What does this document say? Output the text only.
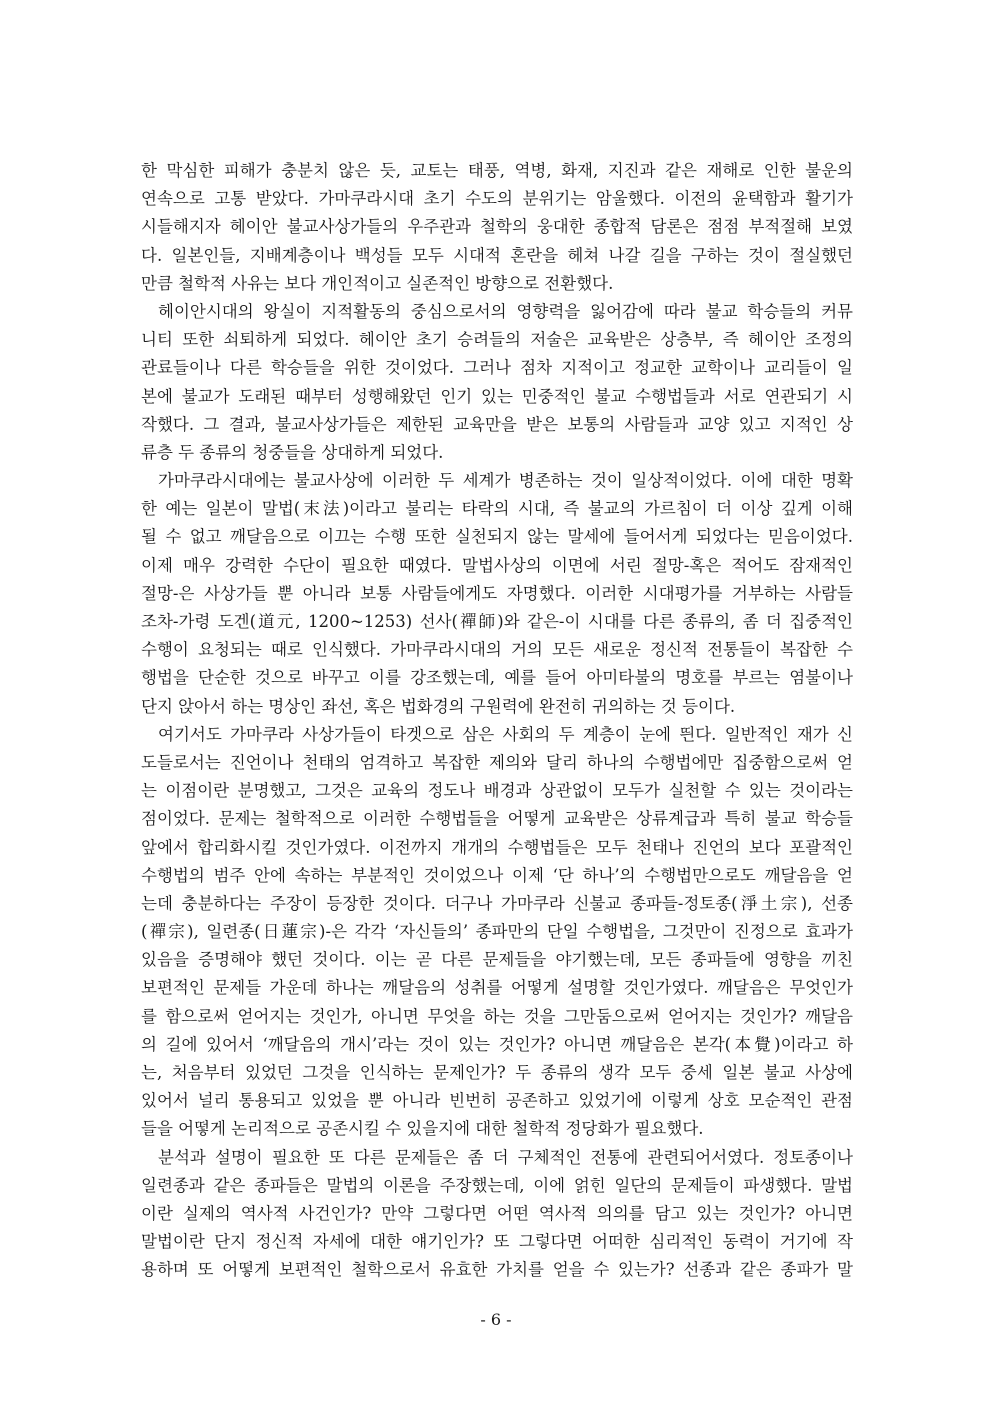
한 막심한 피해가 충분치 않은 듯, 교토는 태풍, 역병, 화재, 지진과 같은 재해로 인한 불운의
연속으로 고통 받았다. 가마쿠라시대 초기 수도의 분위기는 암울했다. 이전의 윤택함과 활기가
시들해지자 헤이안 불교사상가들의 우주관과 철학의 웅대한 종합적 담론은 점점 부적절해 보였
다. 일본인들, 지배계층이나 백성들 모두 시대적 혼란을 헤쳐 나갈 길을 구하는 것이 절실했던
만큼 철학적 사유는 보다 개인적이고 실존적인 방향으로 전환했다.
헤이안시대의 왕실이 지적활동의 중심으로서의 영향력을 잃어감에 따라 불교 학승들의 커뮤
니티 또한 쇠퇴하게 되었다. 헤이안 초기 승려들의 저술은 교육받은 상층부, 즉 헤이안 조정의
관료들이나 다른 학승들을 위한 것이었다. 그러나 점차 지적이고 정교한 교학이나 교리들이 일
본에 불교가 도래된 때부터 성행해왔던 인기 있는 민중적인 불교 수행법들과 서로 연관되기 시
작했다. 그 결과, 불교사상가들은 제한된 교육만을 받은 보통의 사람들과 교양 있고 지적인 상
류층 두 종류의 청중들을 상대하게 되었다.
가마쿠라시대에는 불교사상에 이러한 두 세계가 병존하는 것이 일상적이었다. 이에 대한 명확
한 예는 일본이 말법(末法)이라고 불리는 타락의 시대, 즉 불교의 가르침이 더 이상 깊게 이해
될 수 없고 깨달음으로 이끄는 수행 또한 실천되지 않는 말세에 들어서게 되었다는 믿음이었다.
이제 매우 강력한 수단이 필요한 때였다. 말법사상의 이면에 서린 절망-혹은 적어도 잠재적인
절망-은 사상가들 뿐 아니라 보통 사람들에게도 자명했다. 이러한 시대평가를 거부하는 사람들
조차-가령 도겐(道元, 1200~1253) 선사(禪師)와 같은-이 시대를 다른 종류의, 좀 더 집중적인
수행이 요청되는 때로 인식했다. 가마쿠라시대의 거의 모든 새로운 정신적 전통들이 복잡한 수
행법을 단순한 것으로 바꾸고 이를 강조했는데, 예를 들어 아미타불의 명호를 부르는 염불이나
단지 앉아서 하는 명상인 좌선, 혹은 법화경의 구원력에 완전히 귀의하는 것 등이다.
여기서도 가마쿠라 사상가들이 타겟으로 삼은 사회의 두 계층이 눈에 띈다. 일반적인 재가 신
도들로서는 진언이나 천태의 엄격하고 복잡한 제의와 달리 하나의 수행법에만 집중함으로써 얻
는 이점이란 분명했고, 그것은 교육의 정도나 배경과 상관없이 모두가 실천할 수 있는 것이라는
점이었다. 문제는 철학적으로 이러한 수행법들을 어떻게 교육받은 상류계급과 특히 불교 학승들
앞에서 합리화시킬 것인가였다. 이전까지 개개의 수행법들은 모두 천태나 진언의 보다 포괄적인
수행법의 범주 안에 속하는 부분적인 것이었으나 이제 ‘단 하나’의 수행법만으로도 깨달음을 얻
는데 충분하다는 주장이 등장한 것이다. 더구나 가마쿠라 신불교 종파들-정토종(淨土宗), 선종
(禪宗), 일련종(日蓮宗)-은 각각 ‘자신들의’ 종파만의 단일 수행법을, 그것만이 진정으로 효과가
있음을 증명해야 했던 것이다. 이는 곧 다른 문제들을 야기했는데, 모든 종파들에 영향을 끼친
보편적인 문제들 가운데 하나는 깨달음의 성취를 어떻게 설명할 것인가였다. 깨달음은 무엇인가
를 함으로써 얻어지는 것인가, 아니면 무엇을 하는 것을 그만둠으로써 얻어지는 것인가? 깨달음
의 길에 있어서 ‘깨달음의 개시’라는 것이 있는 것인가? 아니면 깨달음은 본각(本覺)이라고 하
는, 처음부터 있었던 그것을 인식하는 문제인가? 두 종류의 생각 모두 중세 일본 불교 사상에
있어서 널리 통용되고 있었을 뿐 아니라 빈번히 공존하고 있었기에 이렇게 상호 모순적인 관점
들을 어떻게 논리적으로 공존시킬 수 있을지에 대한 철학적 정당화가 필요했다.
분석과 설명이 필요한 또 다른 문제들은 좀 더 구체적인 전통에 관련되어서였다. 정토종이나
일련종과 같은 종파들은 말법의 이론을 주장했는데, 이에 얽힌 일단의 문제들이 파생했다. 말법
이란 실제의 역사적 사건인가? 만약 그렇다면 어떤 역사적 의의를 담고 있는 것인가? 아니면
말법이란 단지 정신적 자세에 대한 얘기인가? 또 그렇다면 어떠한 심리적인 동력이 거기에 작
용하며 또 어떻게 보편적인 철학으로서 유효한 가치를 얻을 수 있는가? 선종과 같은 종파가 말
- 6 -
